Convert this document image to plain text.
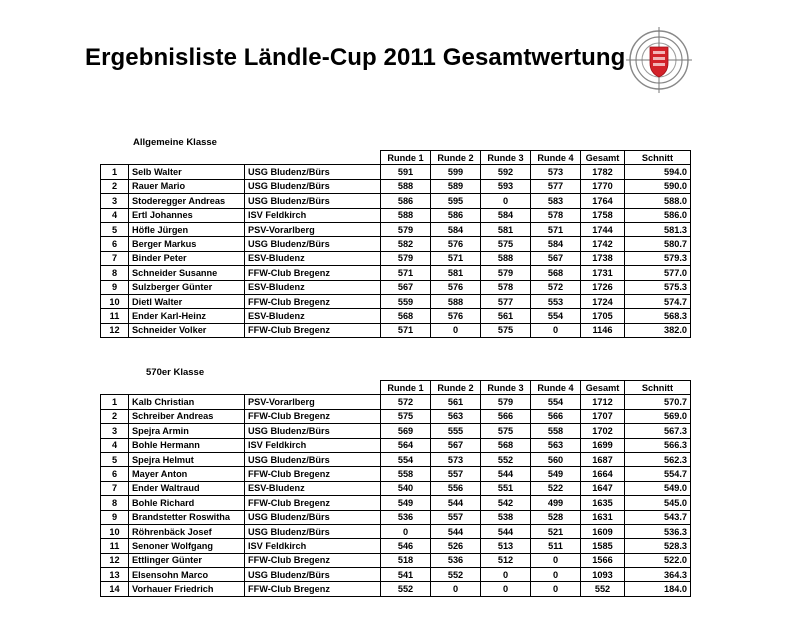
Ergebnisliste Ländle-Cup 2011 Gesamtwertung
Allgemeine Klasse
			Runde 1	Runde 2	Runde 3	Runde 4	Gesamt	Schnitt
1	Selb Walter	USG Bludenz/Bürs	591	599	592	573	1782	594.0
2	Rauer Mario	USG Bludenz/Bürs	588	589	593	577	1770	590.0
3	Stoderegger Andreas	USG Bludenz/Bürs	586	595	0	583	1764	588.0
4	Ertl Johannes	ISV Feldkirch	588	586	584	578	1758	586.0
5	Höfle Jürgen	PSV-Vorarlberg	579	584	581	571	1744	581.3
6	Berger Markus	USG Bludenz/Bürs	582	576	575	584	1742	580.7
7	Binder Peter	ESV-Bludenz	579	571	588	567	1738	579.3
8	Schneider Susanne	FFW-Club Bregenz	571	581	579	568	1731	577.0
9	Sulzberger Günter	ESV-Bludenz	567	576	578	572	1726	575.3
10	Dietl Walter	FFW-Club Bregenz	559	588	577	553	1724	574.7
11	Ender Karl-Heinz	ESV-Bludenz	568	576	561	554	1705	568.3
12	Schneider Volker	FFW-Club Bregenz	571	0	575	0	1146	382.0
570er Klasse
			Runde 1	Runde 2	Runde 3	Runde 4	Gesamt	Schnitt
1	Kalb Christian	PSV-Vorarlberg	572	561	579	554	1712	570.7
2	Schreiber Andreas	FFW-Club Bregenz	575	563	566	566	1707	569.0
3	Spejra Armin	USG Bludenz/Bürs	569	555	575	558	1702	567.3
4	Bohle Hermann	ISV Feldkirch	564	567	568	563	1699	566.3
5	Spejra Helmut	USG Bludenz/Bürs	554	573	552	560	1687	562.3
6	Mayer Anton	FFW-Club Bregenz	558	557	544	549	1664	554.7
7	Ender Waltraud	ESV-Bludenz	540	556	551	522	1647	549.0
8	Bohle Richard	FFW-Club Bregenz	549	544	542	499	1635	545.0
9	Brandstetter Roswitha	USG Bludenz/Bürs	536	557	538	528	1631	543.7
10	Röhrenbäck Josef	USG Bludenz/Bürs	0	544	544	521	1609	536.3
11	Senoner Wolfgang	ISV Feldkirch	546	526	513	511	1585	528.3
12	Ettlinger Günter	FFW-Club Bregenz	518	536	512	0	1566	522.0
13	Elsensohn Marco	USG Bludenz/Bürs	541	552	0	0	1093	364.3
14	Vorhauer Friedrich	FFW-Club Bregenz	552	0	0	0	552	184.0
